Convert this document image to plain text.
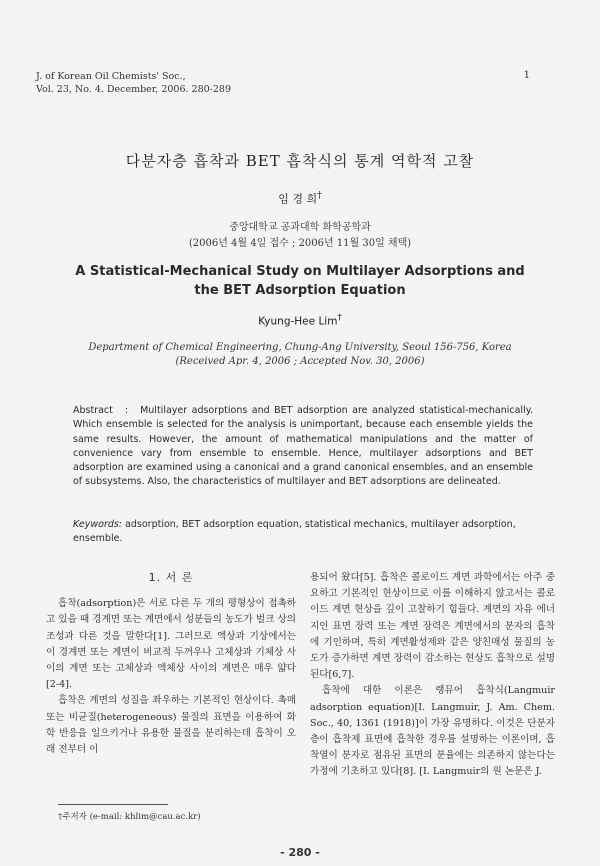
J. of Korean Oil Chemists' Soc.,
Vol. 23, No. 4. December, 2006. 280-289
1
다분자층 흡착과 BET 흡착식의 통계 역학적 고찰
임 경 희†
중앙대학교 공과대학 화학공학과
(2006년 4월 4일 접수 ; 2006년 11월 30일 채택)
A Statistical-Mechanical Study on Multilayer Adsorptions and
the BET Adsorption Equation
Kyung-Hee Lim†
Department of Chemical Engineering, Chung-Ang University, Seoul 156-756, Korea
(Received Apr. 4, 2006 ; Accepted Nov. 30, 2006)
Abstract : Multilayer adsorptions and BET adsorption are analyzed statistical-mechanically. Which ensemble is selected for the analysis is unimportant, because each ensemble yields the same results. However, the amount of mathematical manipulations and the matter of convenience vary from ensemble to ensemble. Hence, multilayer adsorptions and BET adsorption are examined using a canonical and a grand canonical ensembles, and an ensemble of subsystems. Also, the characteristics of multilayer and BET adsorptions are delineated.
Keywords: adsorption, BET adsorption equation, statistical mechanics, multilayer adsorption, ensemble.
1. 서 론

흡착(adsorption)은 서로 다른 두 개의 평형상이 접촉하고 있을 때 경계면 또는 계면에서 성분들의 농도가 벌크 상의 조성과 다른 것을 말한다[1]. 그러므로 액상과 기상에서는 이 경계면 또는 계면이 비교적 두꺼우나 고체상과 기체상 사이의 계면 또는 고체상과 액체상 사이의 계면은 매우 얇다[2-4].

흡착은 계면의 성질을 좌우하는 기본적인 현상이다. 촉매 또는 비균질(heterogeneous) 물질의 표면을 이용하여 화학 반응을 일으키거나 유용한 물질을 분리하는데 흡착이 오래 전부터 이

용되어 왔다[5]. 흡착은 콜로이드 계면 과학에서는 아주 중요하고 기본적인 현상이므로 이를 이해하지 않고서는 콜로이드 계면 현상을 깊이 고찰하기 힘들다. 계면의 자유 에너지인 표면 장력 또는 계면 장력은 계면에서의 분자의 흡착에 기인하며, 특히 계면활성제와 같은 양친매성 물질의 농도가 증가하면 계면 장력이 감소하는 현상도 흡착으로 설명된다[6,7].

흡착에 대한 이론은 랭뮤어 흡착식(Langmuir adsorption equation)[I. Langmuir, J. Am. Chem. Soc., 40, 1361 (1918)]이 가장 유명하다. 이것은 단분자층이 흡착제 표면에 흡착한 경우를 설명하는 이론이며, 흡착열이 분자로 점유된 표면의 분율에는 의존하지 않는다는 가정에 기초하고 있다[8]. [I. Langmuir의 원 논문은 J.

†주저자 (e-mail: khlim@cau.ac.kr)
- 280 -
